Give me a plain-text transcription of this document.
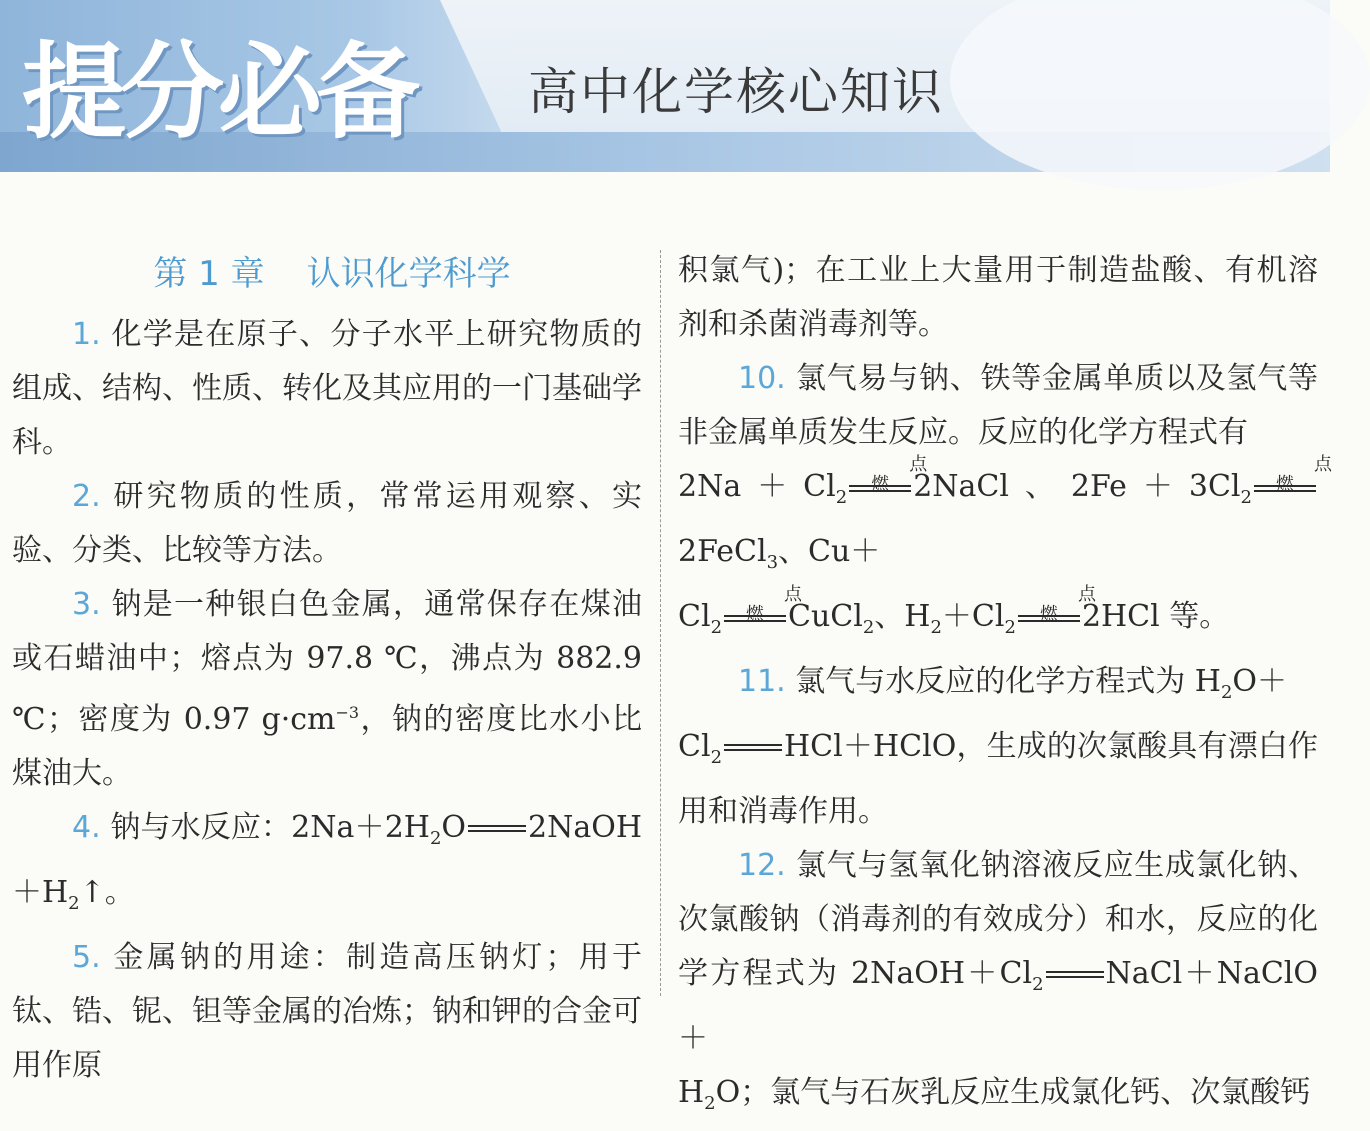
提分必备 高中化学核心知识
第 1 章 认识化学科学

1. 化学是在原子、分子水平上研究物质的组成、结构、性质、转化及其应用的一门基础学科。

2. 研究物质的性质，常常运用观察、实验、分类、比较等方法。

3. 钠是一种银白色金属，通常保存在煤油或石蜡油中；熔点为 97.8 ℃，沸点为 882.9 ℃；密度为 0.97 $g\cdot cm^{-3}$，钠的密度比水小比煤油大。

4. 钠与水反应：$2Na+2H_2O$ $2NaOH+H_2↑$。

5. 金属钠的用途：制造高压钠灯；用于钛、锆、铌、钽等金属的冶炼；钠和钾的合金可用作原

积氯气)；在工业上大量用于制造盐酸、有机溶剂和杀菌消毒剂等。

10. 氯气易与钠、铁等金属单质以及氢气等非金属单质发生反应。反应的化学方程式有
$2Na+Cl_2$
点燃 2NaCl、$2Fe+3Cl_2$
点燃
2FeCl$_3$、Cu＋
$Cl_2$
点燃 CuCl$_2$、$H_2+Cl_2$
点燃 2HCl 等。

11. 氯气与水反应的化学方程式为 $H_2O+$
$Cl_2$ HCl＋HClO，生成的次氯酸具有漂白作用和消毒作用。

12. 氯气与氢氧化钠溶液反应生成氯化钠、次氯酸钠（消毒剂的有效成分）和水，反应的化学方程式为 $2NaOH+Cl_2$ NaCl＋NaClO＋
$H_2O$；氯气与石灰乳反应生成氯化钙、次氯酸钙
